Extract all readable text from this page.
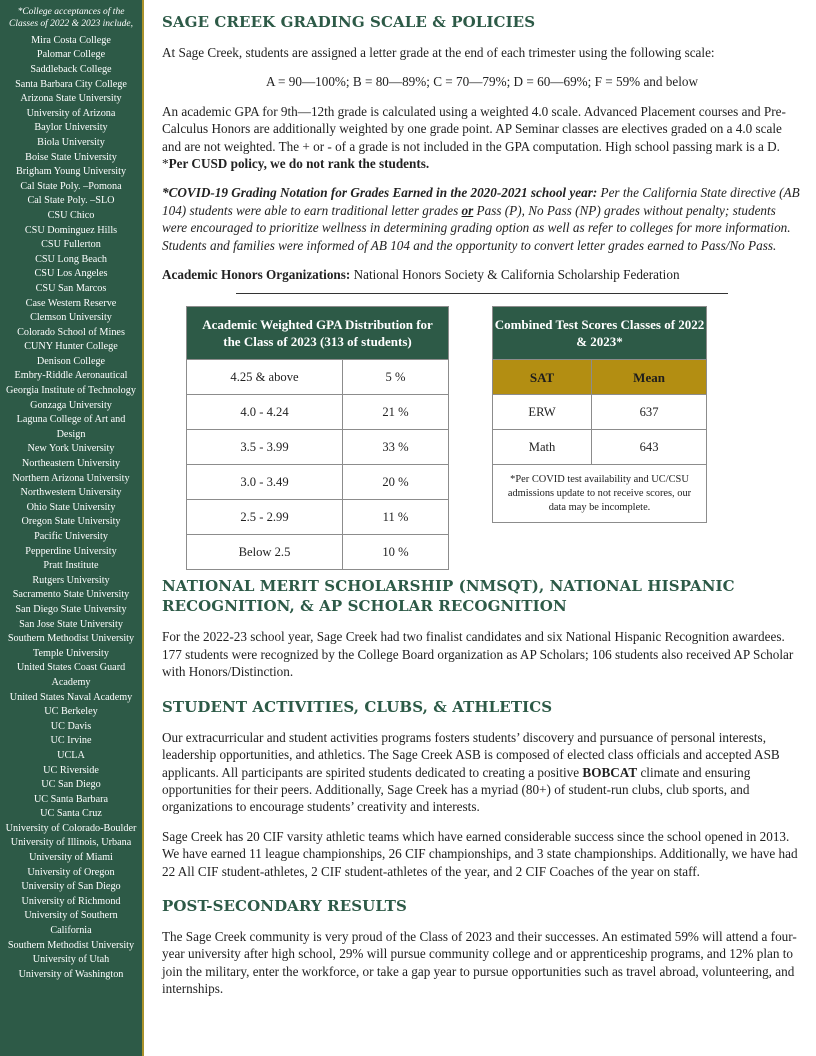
*College acceptances of the Classes of 2022 & 2023 include,
Mira Costa College
Palomar College
Saddleback College
Santa Barbara City College
Arizona State University
University of Arizona
Baylor University
Biola University
Boise State University
Brigham Young University
Cal State Poly. –Pomona
Cal State Poly. –SLO
CSU Chico
CSU Dominguez Hills
CSU Fullerton
CSU Long Beach
CSU Los Angeles
CSU San Marcos
Case Western Reserve
Clemson University
Colorado School of Mines
CUNY Hunter College
Denison College
Embry-Riddle Aeronautical
Georgia Institute of Technology
Gonzaga University
Laguna College of Art and Design
New York University
Northeastern University
Northern Arizona University
Northwestern University
Ohio State University
Oregon State University
Pacific University
Pepperdine University
Pratt Institute
Rutgers University
Sacramento State University
San Diego State University
San Jose State University
Southern Methodist University
Temple University
United States Coast Guard Academy
United States Naval Academy
UC Berkeley
UC Davis
UC Irvine
UCLA
UC Riverside
UC San Diego
UC Santa Barbara
UC Santa Cruz
University of Colorado-Boulder
University of Illinois, Urbana
University of Miami
University of Oregon
University of San Diego
University of Richmond
University of Southern California
Southern Methodist University
University of Utah
University of Washington
SAGE CREEK GRADING SCALE & POLICIES

At Sage Creek, students are assigned a letter grade at the end of each trimester using the following scale:

A = 90—100%; B = 80—89%; C = 70—79%; D = 60—69%; F = 59% and below

An academic GPA for 9th—12th grade is calculated using a weighted 4.0 scale. Advanced Placement courses and Pre-Calculus Honors are additionally weighted by one grade point. AP Seminar classes are electives graded on a 4.0 scale and are not weighted. The + or - of a grade is not included in the GPA computation. High school passing mark is a D. *Per CUSD policy, we do not rank the students.

*COVID-19 Grading Notation for Grades Earned in the 2020-2021 school year: Per the California State directive (AB 104) students were able to earn traditional letter grades or Pass (P), No Pass (NP) grades without penalty; students were encouraged to prioritize wellness in determining grading option as well as refer to colleges for more information. Students and families were informed of AB 104 and the opportunity to convert letter grades earned to Pass/No Pass.

Academic Honors Organizations: National Honors Society & California Scholarship Federation

Academic Weighted GPA Distribution for the Class of 2023 (313 of students)	
4.25 & above	5 %
4.0 - 4.24	21 %
3.5 - 3.99	33 %
3.0 - 3.49	20 %
2.5 - 2.99	11 %
Below 2.5	10 %
Combined Test Scores Classes of 2022 & 2023*	
SAT	Mean
ERW	637
Math	643
*Per COVID test availability and UC/CSU admissions update to not receive scores, our data may be incomplete.	
NATIONAL MERIT SCHOLARSHIP (NMSQT), NATIONAL HISPANIC RECOGNITION, & AP SCHOLAR RECOGNITION

For the 2022-23 school year, Sage Creek had two finalist candidates and six National Hispanic Recognition awardees. 177 students were recognized by the College Board organization as AP Scholars; 106 students also received AP Scholar with Honors/Distinction.

STUDENT ACTIVITIES, CLUBS, & ATHLETICS

Our extracurricular and student activities programs fosters students’ discovery and pursuance of personal interests, leadership opportunities, and athletics. The Sage Creek ASB is composed of elected class officials and accepted ASB applicants. All participants are spirited students dedicated to creating a positive BOBCAT climate and ensuring opportunities for their peers. Additionally, Sage Creek has a myriad (80+) of student-run clubs, club sports, and organizations to encourage students’ creativity and interests.

Sage Creek has 20 CIF varsity athletic teams which have earned considerable success since the school opened in 2013. We have earned 11 league championships, 26 CIF championships, and 3 state championships. Additionally, we have had 22 All CIF student-athletes, 2 CIF student-athletes of the year, and 2 CIF Coaches of the year on staff.

POST-SECONDARY RESULTS

The Sage Creek community is very proud of the Class of 2023 and their successes. An estimated 59% will attend a four-year university after high school, 29% will pursue community college and or apprenticeship programs, and 12% plan to join the military, enter the workforce, or take a gap year to pursue opportunities such as travel abroad, volunteering, and internships.
